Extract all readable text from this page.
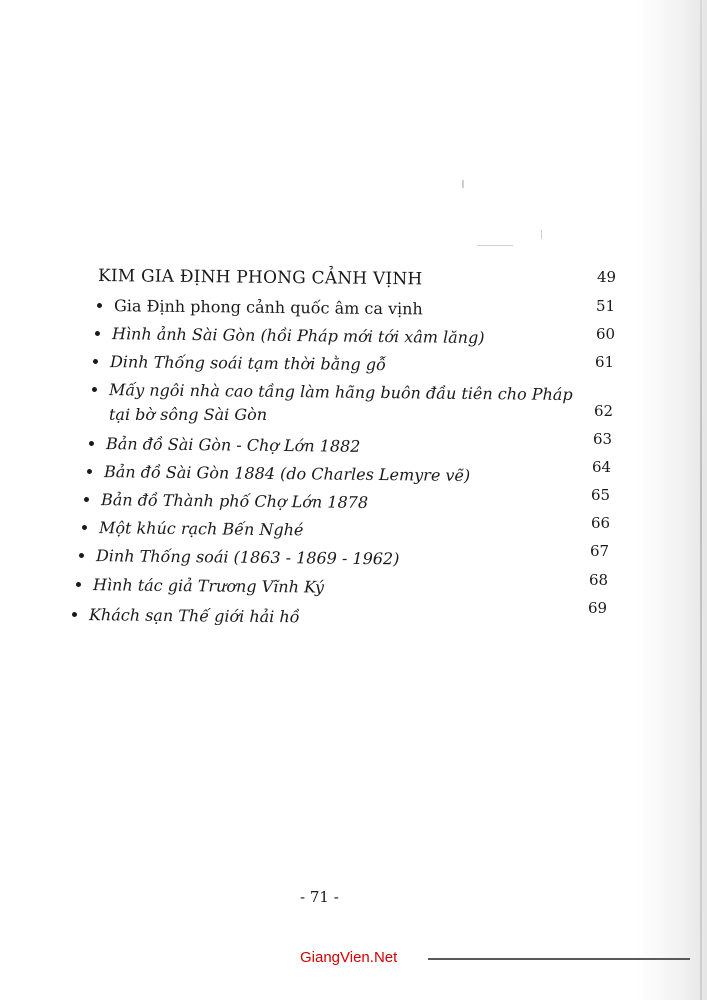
KIM GIA ĐỊNH PHONG CẢNH VỊNH	49
Gia Định phong cảnh quốc âm ca vịnh	51
Hình ảnh Sài Gòn (hồi Pháp mới tới xâm lăng)	60
Dinh Thống soái tạm thời bằng gỗ	61
Mấy ngôi nhà cao tầng làm hãng buôn đầu tiên cho Pháp
tại bờ sông Sài Gòn	62
Bản đồ Sài Gòn - Chợ Lớn 1882	63
Bản đồ Sài Gòn 1884 (do Charles Lemyre vẽ)	64
Bản đồ Thành phố Chợ Lớn 1878	65
Một khúc rạch Bến Nghé	66
Dinh Thống soái (1863 - 1869 - 1962)	67
Hình tác giả Trương Vĩnh Ký	68
Khách sạn Thế giới hải hồ	69
- 71 -
GiangVien.Net
